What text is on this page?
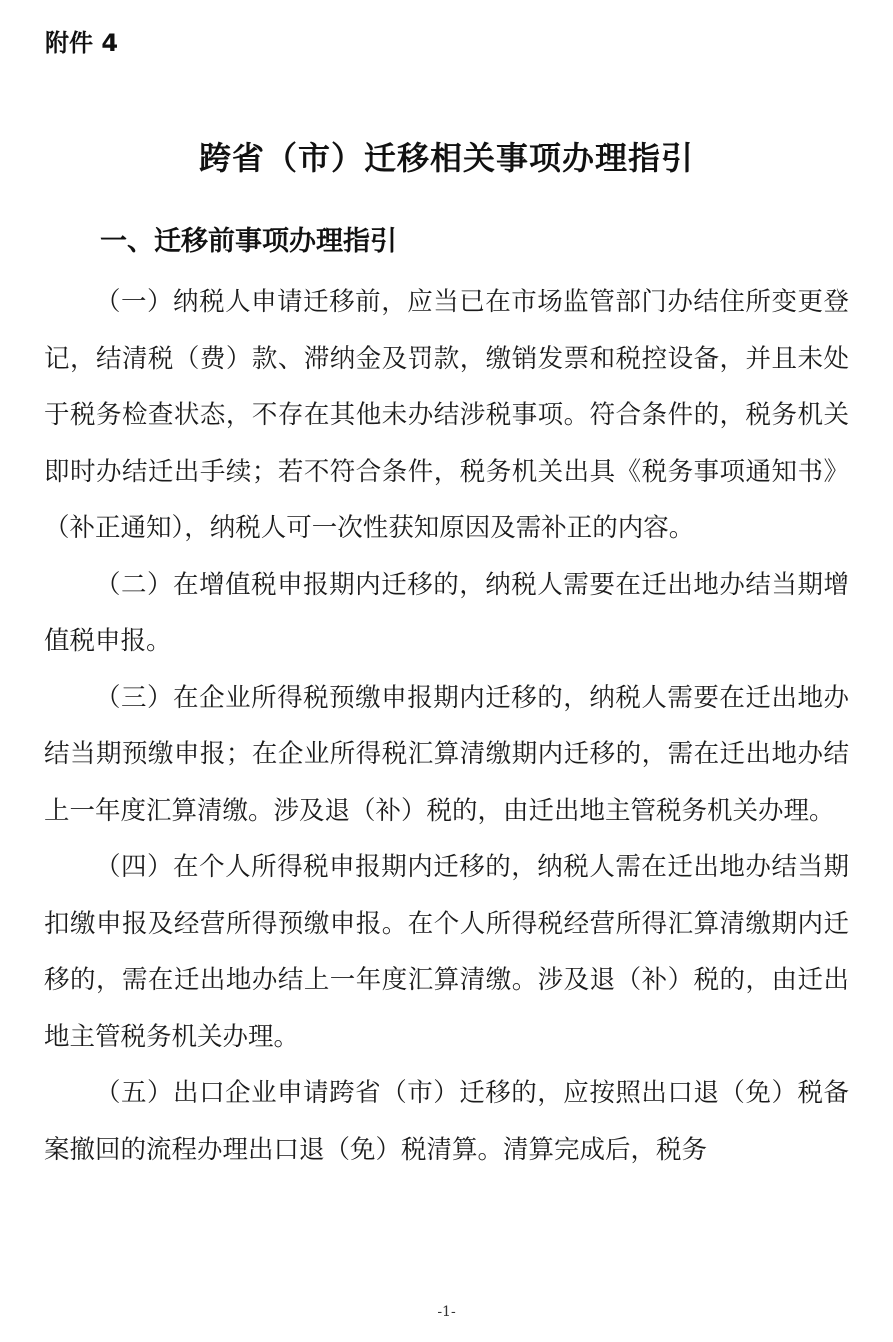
附件 4
跨省（市）迁移相关事项办理指引
一、迁移前事项办理指引

（一）纳税人申请迁移前，应当已在市场监管部门办结住所变更登记，结清税（费）款、滞纳金及罚款，缴销发票和税控设备，并且未处于税务检查状态，不存在其他未办结涉税事项。符合条件的，税务机关即时办结迁出手续；若不符合条件，税务机关出具《税务事项通知书》（补正通知），纳税人可一次性获知原因及需补正的内容。

（二）在增值税申报期内迁移的，纳税人需要在迁出地办结当期增值税申报。

（三）在企业所得税预缴申报期内迁移的，纳税人需要在迁出地办结当期预缴申报；在企业所得税汇算清缴期内迁移的，需在迁出地办结上一年度汇算清缴。涉及退（补）税的，由迁出地主管税务机关办理。

（四）在个人所得税申报期内迁移的，纳税人需在迁出地办结当期扣缴申报及经营所得预缴申报。在个人所得税经营所得汇算清缴期内迁移的，需在迁出地办结上一年度汇算清缴。涉及退（补）税的，由迁出地主管税务机关办理。

（五）出口企业申请跨省（市）迁移的，应按照出口退（免）税备案撤回的流程办理出口退（免）税清算。清算完成后，税务

-1-
